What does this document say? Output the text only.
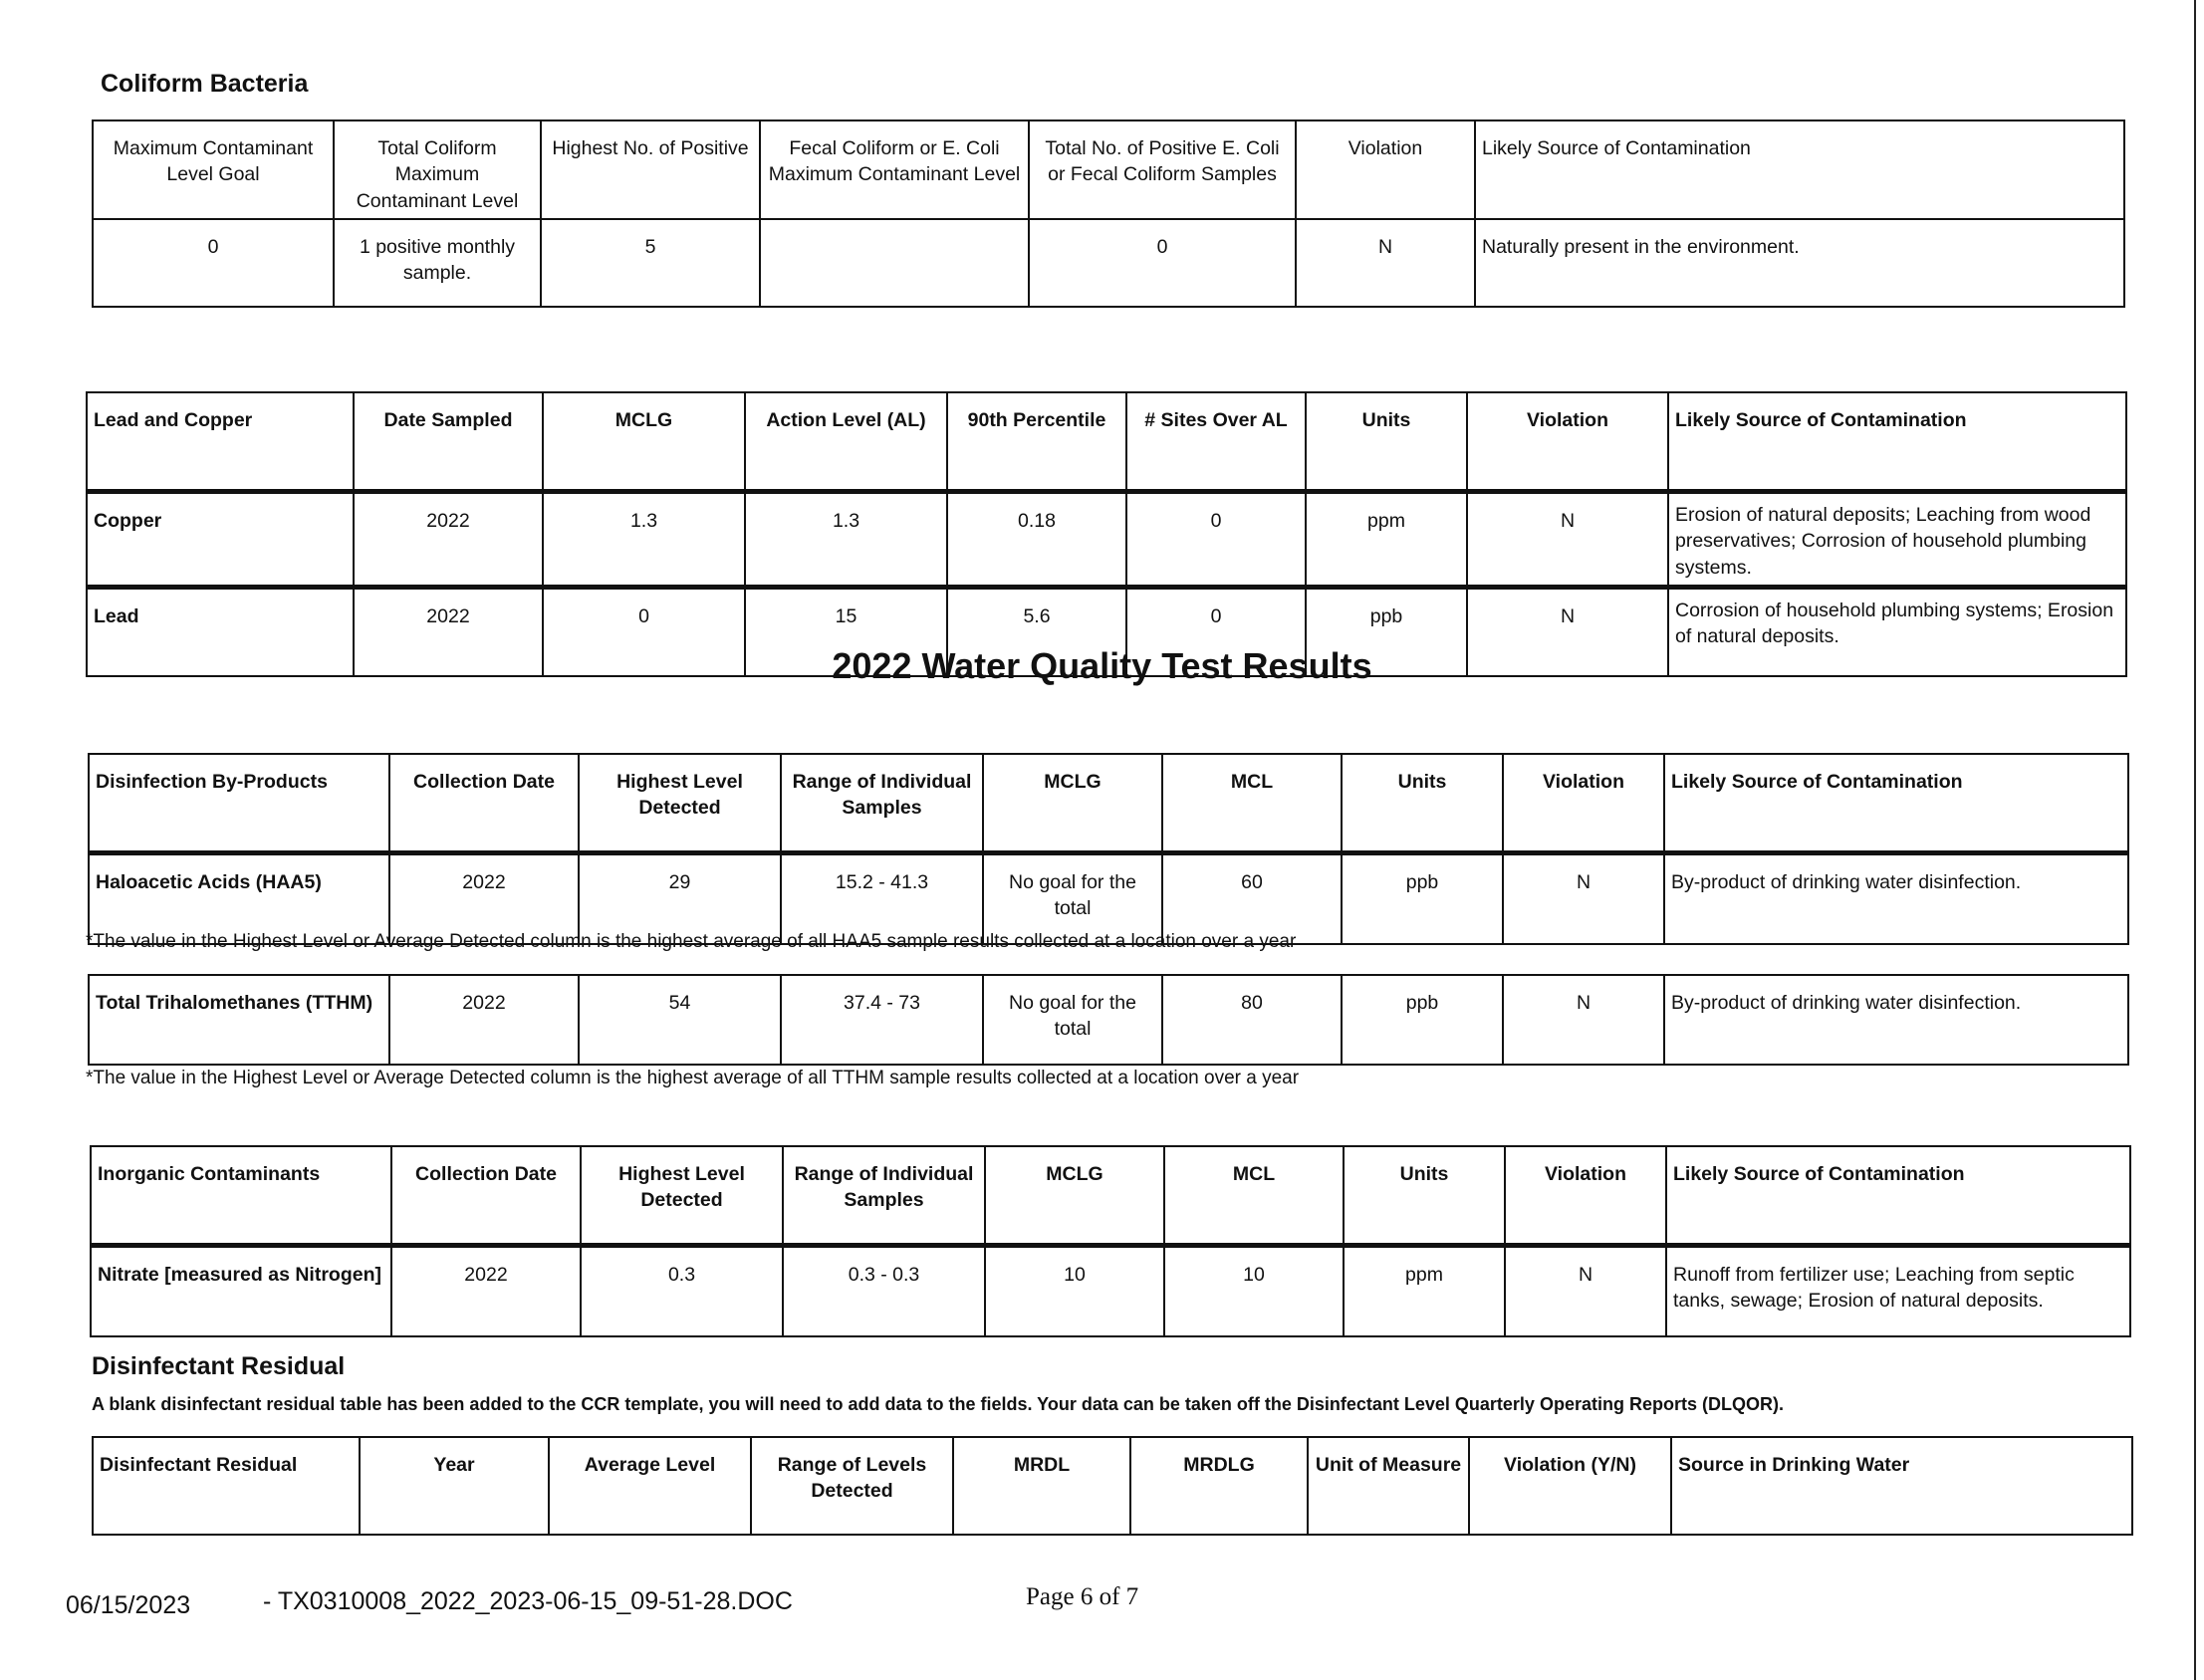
Coliform Bacteria
Maximum Contaminant Level Goal	Total Coliform Maximum Contaminant Level	Highest No. of Positive	Fecal Coliform or E. Coli Maximum Contaminant Level	Total No. of Positive E. Coli or Fecal Coliform Samples	Violation	Likely Source of Contamination
0	1 positive monthly sample.	5		0	N	Naturally present in the environment.
Lead and Copper	Date Sampled	MCLG	Action Level (AL)	90th Percentile	# Sites Over AL	Units	Violation	Likely Source of Contamination
Copper	2022	1.3	1.3	0.18	0	ppm	N	Erosion of natural deposits; Leaching from wood preservatives; Corrosion of household plumbing systems.
Lead	2022	0	15	5.6	0	ppb	N	Corrosion of household plumbing systems; Erosion of natural deposits.
2022 Water Quality Test Results
Disinfection By-Products	Collection Date	Highest Level Detected	Range of Individual Samples	MCLG	MCL	Units	Violation	Likely Source of Contamination
Haloacetic Acids (HAA5)	2022	29	15.2 - 41.3	No goal for the total	60	ppb	N	By-product of drinking water disinfection.
*The value in the Highest Level or Average Detected column is the highest average of all HAA5 sample results collected at a location over a year
Total Trihalomethanes (TTHM)	2022	54	37.4 - 73	No goal for the total	80	ppb	N	By-product of drinking water disinfection.
*The value in the Highest Level or Average Detected column is the highest average of all TTHM sample results collected at a location over a year
Inorganic Contaminants	Collection Date	Highest Level Detected	Range of Individual Samples	MCLG	MCL	Units	Violation	Likely Source of Contamination
Nitrate [measured as Nitrogen]	2022	0.3	0.3 - 0.3	10	10	ppm	N	Runoff from fertilizer use; Leaching from septic tanks, sewage; Erosion of natural deposits.
Disinfectant Residual
A blank disinfectant residual table has been added to the CCR template, you will need to add data to the fields. Your data can be taken off the Disinfectant Level Quarterly Operating Reports (DLQOR).
Disinfectant Residual	Year	Average Level	Range of Levels Detected	MRDL	MRDLG	Unit of Measure	Violation (Y/N)	Source in Drinking Water
06/15/2023	- TX0310008_2022_2023-06-15_09-51-28.DOC	Page 6 of 7
